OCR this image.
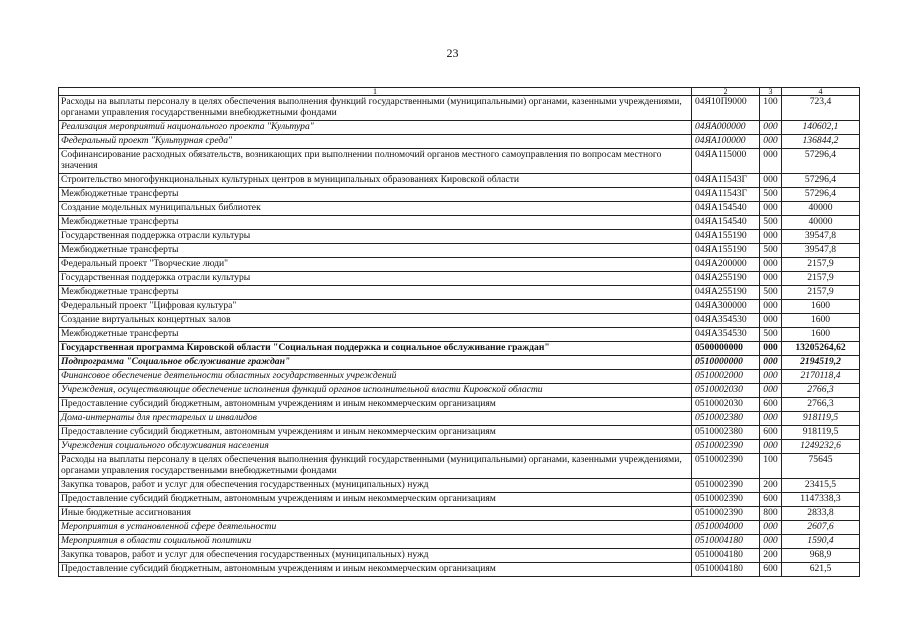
23
1	2	3	4
Расходы на выплаты персоналу в целях обеспечения выполнения функций государственными (муниципальными) органами, казенными учреждениями, органами управления государственными внебюджетными фондами	04Я10П9000	100	723,4
Реализация мероприятий национального проекта "Культура"	04ЯА000000	000	140602,1
Федеральный проект "Культурная среда"	04ЯА100000	000	136844,2
Софинансирование расходных обязательств, возникающих при выполнении полномочий органов местного самоуправления по вопросам местного значения	04ЯА115000	000	57296,4
Строительство многофункциональных культурных центров в муниципальных образованиях Кировской области	04ЯА11543Г	000	57296,4
Межбюджетные трансферты	04ЯА11543Г	500	57296,4
Создание модельных муниципальных библиотек	04ЯА154540	000	40000
Межбюджетные трансферты	04ЯА154540	500	40000
Государственная поддержка отрасли культуры	04ЯА155190	000	39547,8
Межбюджетные трансферты	04ЯА155190	500	39547,8
Федеральный проект "Творческие люди"	04ЯА200000	000	2157,9
Государственная поддержка отрасли культуры	04ЯА255190	000	2157,9
Межбюджетные трансферты	04ЯА255190	500	2157,9
Федеральный проект "Цифровая культура"	04ЯА300000	000	1600
Создание виртуальных концертных залов	04ЯА354530	000	1600
Межбюджетные трансферты	04ЯА354530	500	1600
Государственная программа Кировской области "Социальная поддержка и социальное обслуживание граждан"	0500000000	000	13205264,62
Подпрограмма "Социальное обслуживание граждан"	0510000000	000	2194519,2
Финансовое обеспечение деятельности областных государственных учреждений	0510002000	000	2170118,4
Учреждения, осуществляющие обеспечение исполнения функций органов исполнительной власти Кировской области	0510002030	000	2766,3
Предоставление субсидий бюджетным, автономным учреждениям и иным некоммерческим организациям	0510002030	600	2766,3
Дома-интернаты для престарелых и инвалидов	0510002380	000	918119,5
Предоставление субсидий бюджетным, автономным учреждениям и иным некоммерческим организациям	0510002380	600	918119,5
Учреждения социального обслуживания населения	0510002390	000	1249232,6
Расходы на выплаты персоналу в целях обеспечения выполнения функций государственными (муниципальными) органами, казенными учреждениями, органами управления государственными внебюджетными фондами	0510002390	100	75645
Закупка товаров, работ и услуг для обеспечения государственных (муниципальных) нужд	0510002390	200	23415,5
Предоставление субсидий бюджетным, автономным учреждениям и иным некоммерческим организациям	0510002390	600	1147338,3
Иные бюджетные ассигнования	0510002390	800	2833,8
Мероприятия в установленной сфере деятельности	0510004000	000	2607,6
Мероприятия в области социальной политики	0510004180	000	1590,4
Закупка товаров, работ и услуг для обеспечения государственных (муниципальных) нужд	0510004180	200	968,9
Предоставление субсидий бюджетным, автономным учреждениям и иным некоммерческим организациям	0510004180	600	621,5
